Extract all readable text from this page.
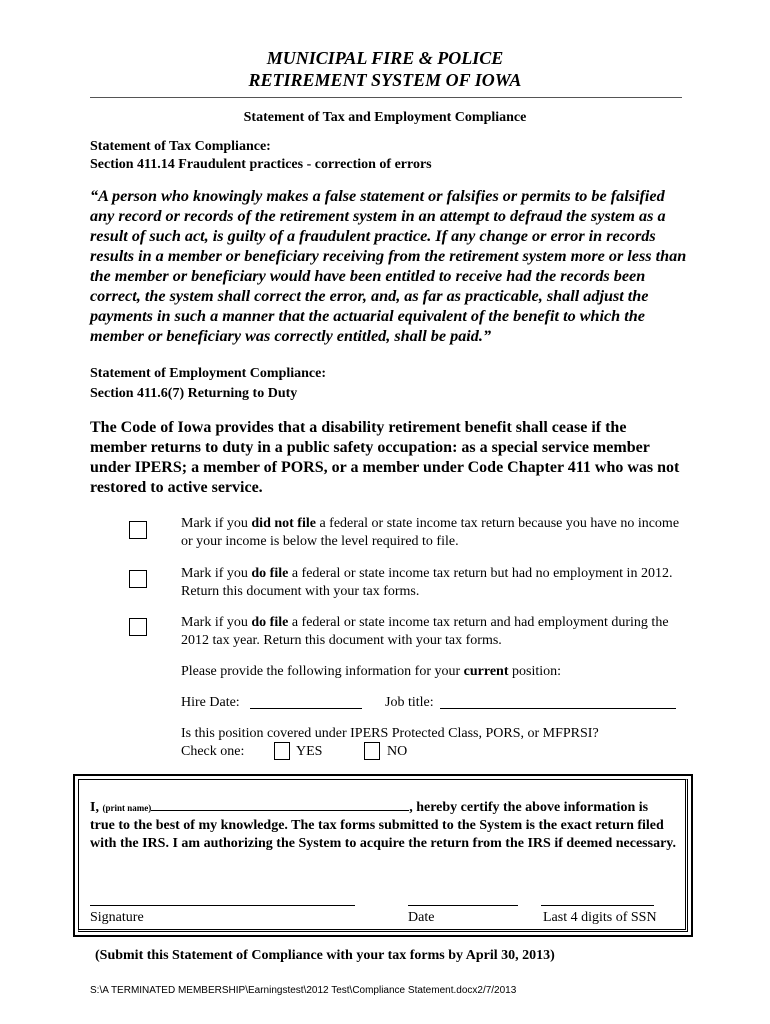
MUNICIPAL FIRE & POLICE
RETIREMENT SYSTEM OF IOWA
Statement of Tax and Employment Compliance
Statement of Tax Compliance:
Section 411.14 Fraudulent practices - correction of errors
“A person who knowingly makes a false statement or falsifies or permits to be falsified any record or records of the retirement system in an attempt to defraud the system as a result of such act, is guilty of a fraudulent practice. If any change or error in records results in a member or beneficiary receiving from the retirement system more or less than the member or beneficiary would have been entitled to receive had the records been correct, the system shall correct the error, and, as far as practicable, shall adjust the payments in such a manner that the actuarial equivalent of the benefit to which the member or beneficiary was correctly entitled, shall be paid.”
Statement of Employment Compliance:
Section 411.6(7) Returning to Duty
The Code of Iowa provides that a disability retirement benefit shall cease if the member returns to duty in a public safety occupation: as a special service member under IPERS; a member of PORS, or a member under Code Chapter 411 who was not restored to active service.
Mark if you did not file a federal or state income tax return because you have no income or your income is below the level required to file.
Mark if you do file a federal or state income tax return but had no employment in 2012. Return this document with your tax forms.
Mark if you do file a federal or state income tax return and had employment during the 2012 tax year. Return this document with your tax forms.
Please provide the following information for your current position:
Hire Date:	Job title:
Is this position covered under IPERS Protected Class, PORS, or MFPRSI?
Check one:	YES	NO
I, (print name)	, hereby certify the above information is
true to the best of my knowledge. The tax forms submitted to the System is the exact return filed with the IRS. I am authorizing the System to acquire the return from the IRS if deemed necessary.
Signature	Date	Last 4 digits of SSN
(Submit this Statement of Compliance with your tax forms by April 30, 2013)
S:\A TERMINATED MEMBERSHIP\Earningstest\2012 Test\Compliance Statement.docx2/7/2013
